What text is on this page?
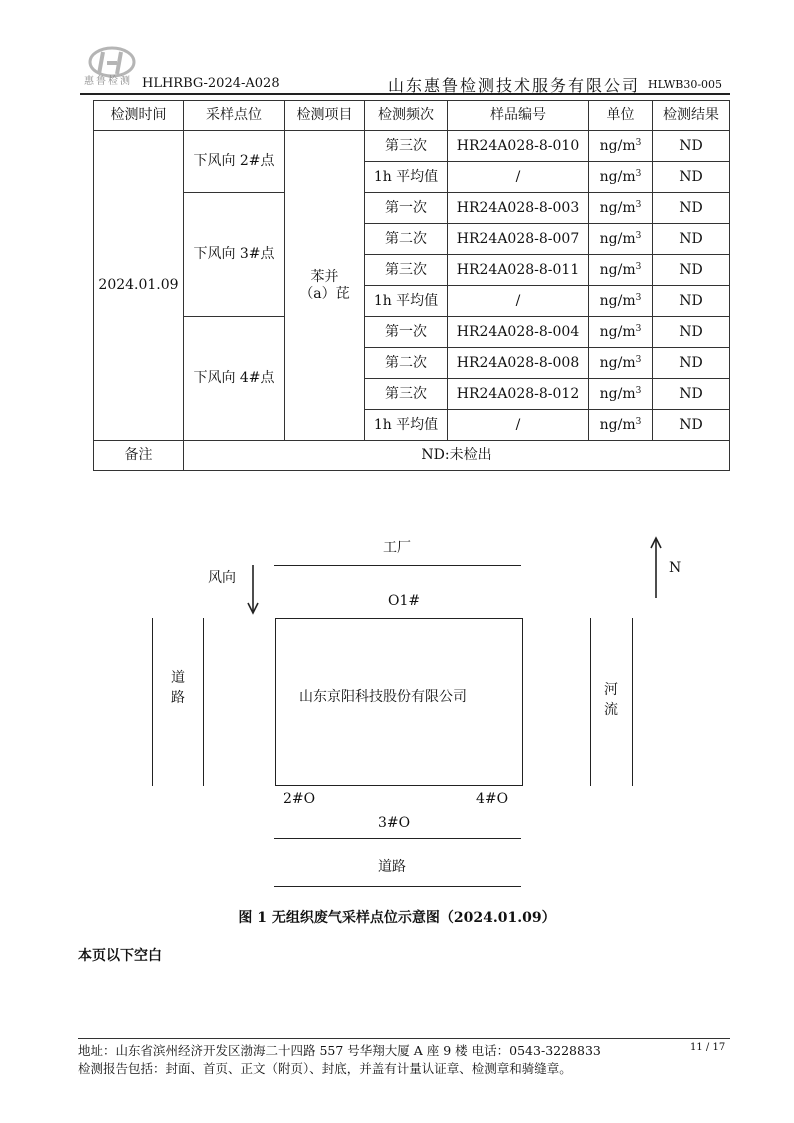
惠鲁检测 HLHRBG-2024-A028	山东惠鲁检测技术服务有限公司 HLWB30-005
检测时间	采样点位	检测项目	检测频次	样品编号	单位	检测结果
2024.01.09	下风向 2#点	苯并（a）芘	第三次	HR24A028-8-010	$ng/m^3$	ND
			1h 平均值	/	$ng/m^3$	ND
	下风向 3#点		第一次	HR24A028-8-003	$ng/m^3$	ND
			第二次	HR24A028-8-007	$ng/m^3$	ND
			第三次	HR24A028-8-011	$ng/m^3$	ND
			1h 平均值	/	$ng/m^3$	ND
	下风向 4#点		第一次	HR24A028-8-004	$ng/m^3$	ND
			第二次	HR24A028-8-008	$ng/m^3$	ND
			第三次	HR24A028-8-012	$ng/m^3$	ND
			1h 平均值	/	$ng/m^3$	ND
备注	ND:未检出					
工厂
风向
N
O1#
山东京阳科技股份有限公司
道路	河流
2#O	4#O
3#O
道路
图 1 无组织废气采样点位示意图（2024.01.09）
本页以下空白
地址：山东省滨州经济开发区渤海二十四路 557 号华翔大厦 A 座 9 楼 电话：0543-3228833
检测报告包括：封面、首页、正文（附页）、封底，并盖有计量认证章、检测章和骑缝章。
11 / 17
